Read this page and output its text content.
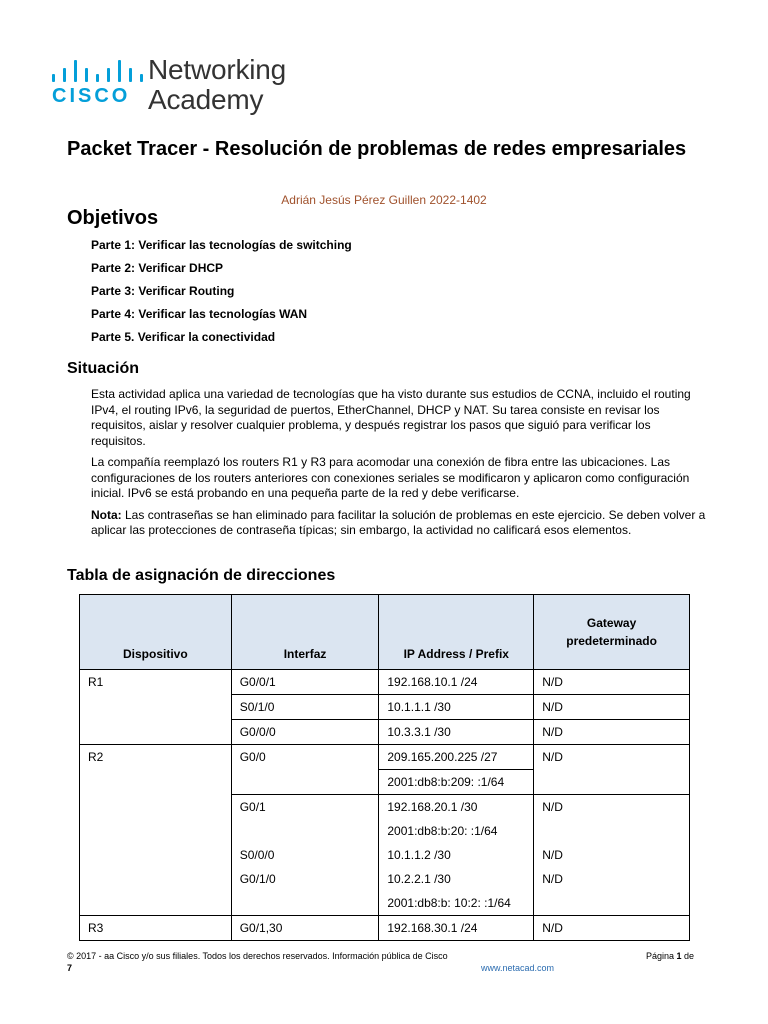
CISCO
Networking
Academy
Packet Tracer - Resolución de problemas de redes empresariales
Adrián Jesús Pérez Guillen 2022-1402
Objetivos
Parte 1: Verificar las tecnologías de switching
Parte 2: Verificar DHCP
Parte 3: Verificar Routing
Parte 4: Verificar las tecnologías WAN
Parte 5. Verificar la conectividad
Situación

Esta actividad aplica una variedad de tecnologías que ha visto durante sus estudios de CCNA, incluido el routing IPv4, el routing IPv6, la seguridad de puertos, EtherChannel, DHCP y NAT. Su tarea consiste en revisar los requisitos, aislar y resolver cualquier problema, y después registrar los pasos que siguió para verificar los requisitos.

La compañía reemplazó los routers R1 y R3 para acomodar una conexión de fibra entre las ubicaciones. Las configuraciones de los routers anteriores con conexiones seriales se modificaron y aplicaron como configuración inicial. IPv6 se está probando en una pequeña parte de la red y debe verificarse.

Nota: Las contraseñas se han eliminado para facilitar la solución de problemas en este ejercicio. Se deben volver a aplicar las protecciones de contraseña típicas; sin embargo, la actividad no calificará esos elementos.

Tabla de asignación de direcciones
Dispositivo	Interfaz	IP Address / Prefix	Gateway
predeterminado

R1	G0/0/1	192.168.10.1 /24	N/D
	S0/1/0	10.1.1.1 /30	N/D
	G0/0/0	10.3.3.1 /30	N/D
R2	G0/0	209.165.200.225 /27	N/D
		2001:db8:b:209: :1/64	
	G0/1	192.168.20.1 /30	N/D
		2001:db8:b:20: :1/64	
	S0/0/0	10.1.1.2 /30	N/D
	G0/1/0	10.2.2.1 /30	N/D
		2001:db8:b: 10:2: :1/64	
R3	G0/1,30	192.168.30.1 /24	N/D
© 2017 - aa Cisco y/o sus filiales. Todos los derechos reservados. Información pública de Cisco	Página 1 de
7	www.netacad.com
